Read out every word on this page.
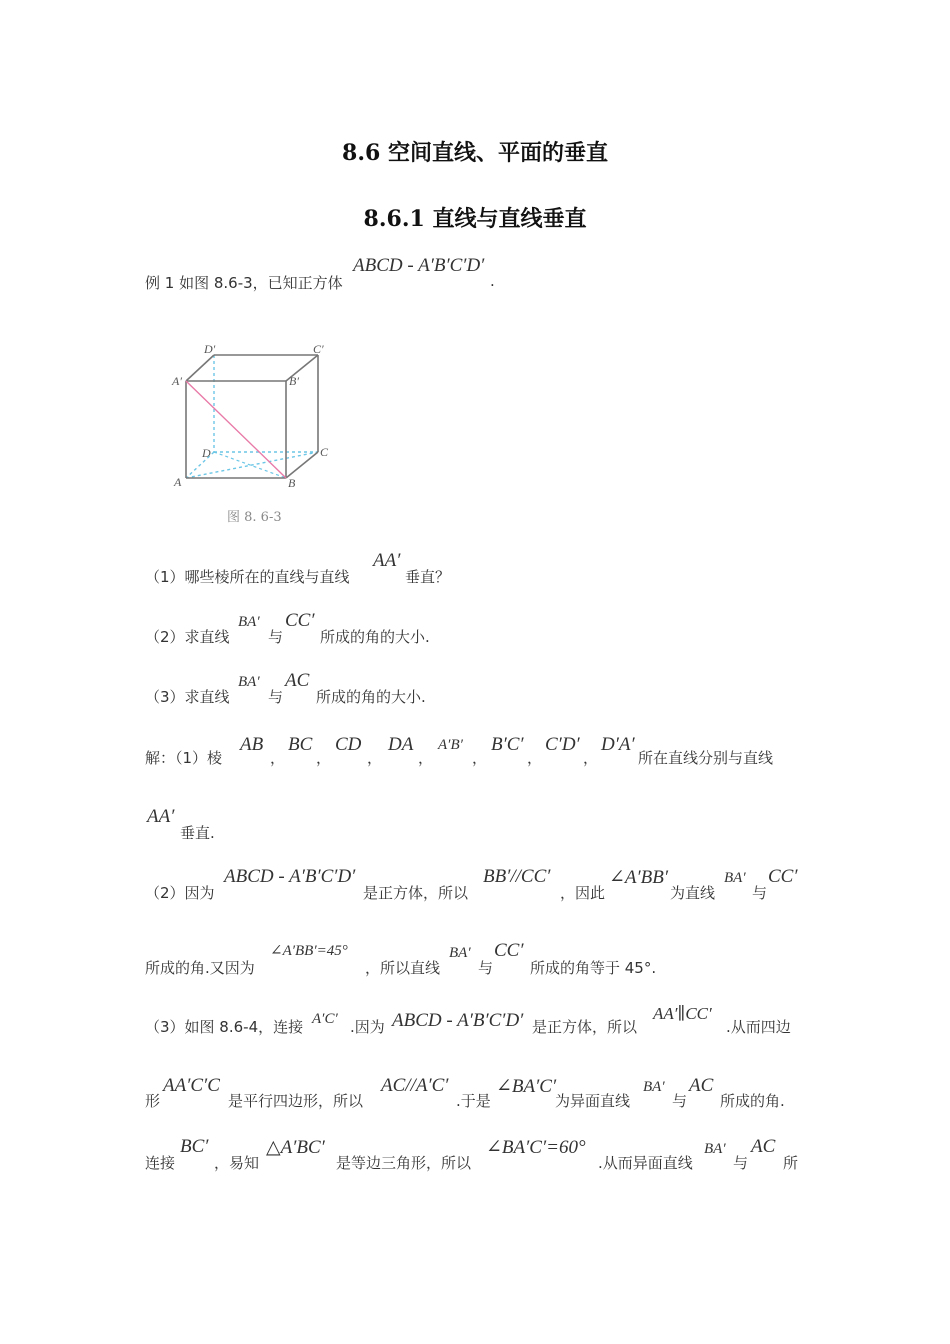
8.6 空间直线、平面的垂直
8.6.1 直线与直线垂直
例 1 如图 8.6-3，已知正方体
ABCD - A′B′C′D′
.
D′	C′
A′	B′
D	C
A	B
图 8. 6-3
（1）哪些棱所在的直线与直线
AA′
垂直？
（2）求直线
BA′
与
CC′
所成的角的大小.
（3）求直线
BA′
与
AC
所成的角的大小.
解：（1）棱
AB
，
BC
，
CD
，
DA
，
A′B′
，
B′C′
，
C′D′
，
D′A′
所在直线分别与直线
AA′
垂直.
（2）因为
ABCD - A′B′C′D′
是正方体，所以
BB′//CC′
，因此
∠A′BB′
为直线
BA′
与
CC′
所成的角.又因为
∠A′BB′=45°
，所以直线
BA′
与
CC′
所成的角等于 45°.
（3）如图 8.6-4，连接 A′C′ .因为 ABCD - A′B′C′D′ 是正方体，所以
AA′∥CC′
.从而四边
形
AA′C′C
是平行四边形，所以
AC//A′C′
.于是
∠BA′C′
为异面直线
BA′
与
AC
所成的角.
连接
BC′
，易知
△A′BC′
是等边三角形，所以
∠BA′C′=60°
.从而异面直线
BA′
与
AC
所
